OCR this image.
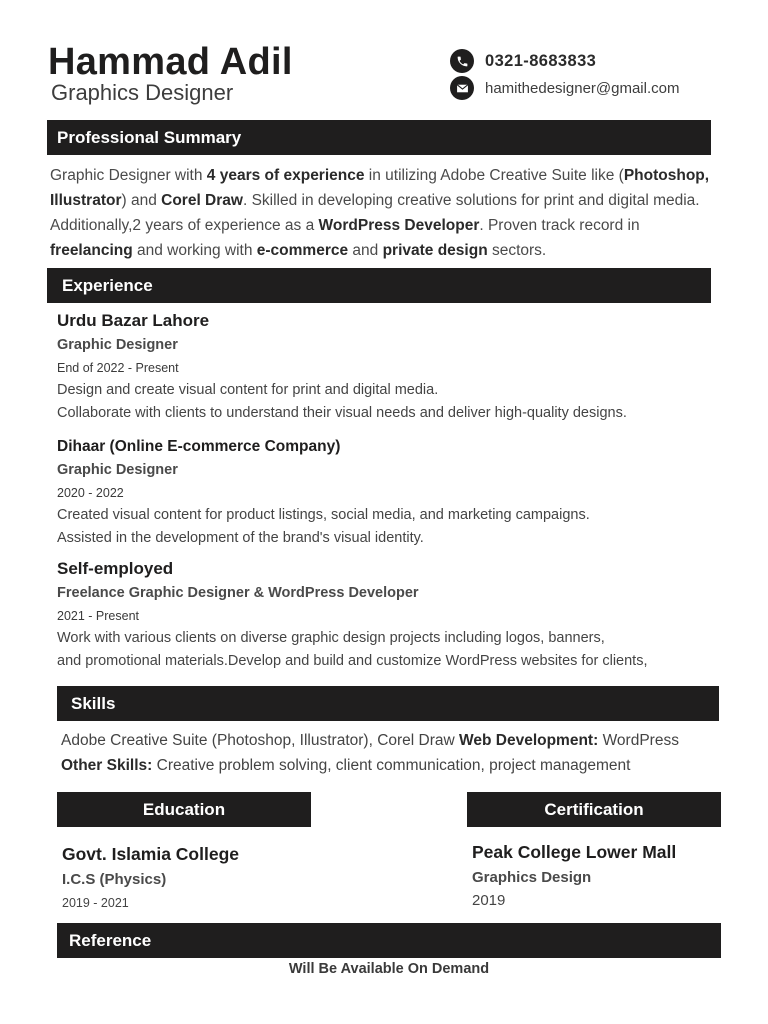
Hammad Adil
Graphics Designer
0321-8683833
hamithedesigner@gmail.com
Professional Summary
Graphic Designer with 4 years of experience in utilizing Adobe Creative Suite like (Photoshop, Illustrator) and Corel Draw. Skilled in developing creative solutions for print and digital media. Additionally,2 years of experience as a WordPress Developer. Proven track record in freelancing and working with e-commerce and private design sectors.
Experience
Urdu Bazar Lahore
Graphic Designer
End of 2022 - Present
Design and create visual content for print and digital media.
Collaborate with clients to understand their visual needs and deliver high-quality designs.
Dihaar (Online E-commerce Company)
Graphic Designer
2020 - 2022
Created visual content for product listings, social media, and marketing campaigns.
Assisted in the development of the brand's visual identity.
Self-employed
Freelance Graphic Designer & WordPress Developer
2021 - Present
Work with various clients on diverse graphic design projects including logos, banners,
and promotional materials.Develop and build and customize WordPress websites for clients,
Skills
Adobe Creative Suite (Photoshop, Illustrator), Corel Draw Web Development: WordPress
Other Skills: Creative problem solving, client communication, project management
Education
Govt. Islamia College
I.C.S (Physics)
2019 - 2021
Certification
Peak College Lower Mall
Graphics Design
2019
Reference
Will Be Available On Demand
